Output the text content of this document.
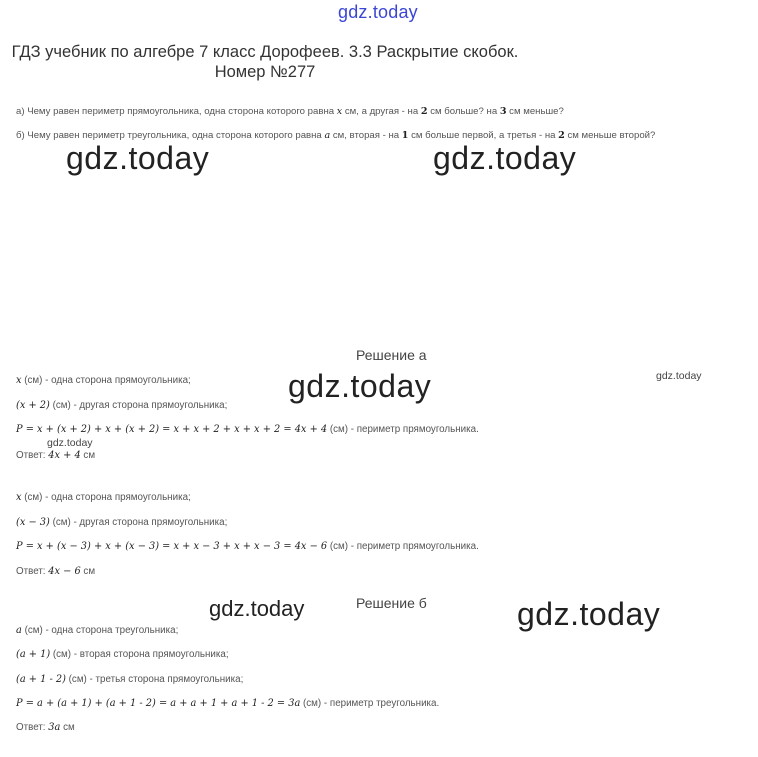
gdz.today
ГДЗ учебник по алгебре 7 класс Дорофеев. 3.3 Раскрытие скобок. Номер №277
а) Чему равен периметр прямоугольника, одна сторона которого равна x см, а другая - на 2 см больше? на 3 см меньше?
б) Чему равен периметр треугольника, одна сторона которого равна a см, вторая - на 1 см больше первой, а третья - на 2 см меньше второй?
gdz.today	gdz.today
Решение а
gdz.today	gdz.today
x (см) - одна сторона прямоугольника;
(x + 2) (см) - другая сторона прямоугольника;
P = x + (x + 2) + x + (x + 2) = x + x + 2 + x + x + 2 = 4x + 4 (см) - периметр прямоугольника.
gdz.today
Ответ: 4x + 4 см
x (см) - одна сторона прямоугольника;
(x − 3) (см) - другая сторона прямоугольника;
P = x + (x − 3) + x + (x − 3) = x + x − 3 + x + x − 3 = 4x − 6 (см) - периметр прямоугольника.
Ответ: 4x − 6 см
gdz.today	Решение б	gdz.today
a (см) - одна сторона треугольника;
(a + 1) (см) - вторая сторона прямоугольника;
(a + 1 - 2) (см) - третья сторона прямоугольника;
P = a + (a + 1) + (a + 1 - 2) = a + a + 1 + a + 1 - 2 = 3a (см) - периметр треугольника.
Ответ: 3a см
